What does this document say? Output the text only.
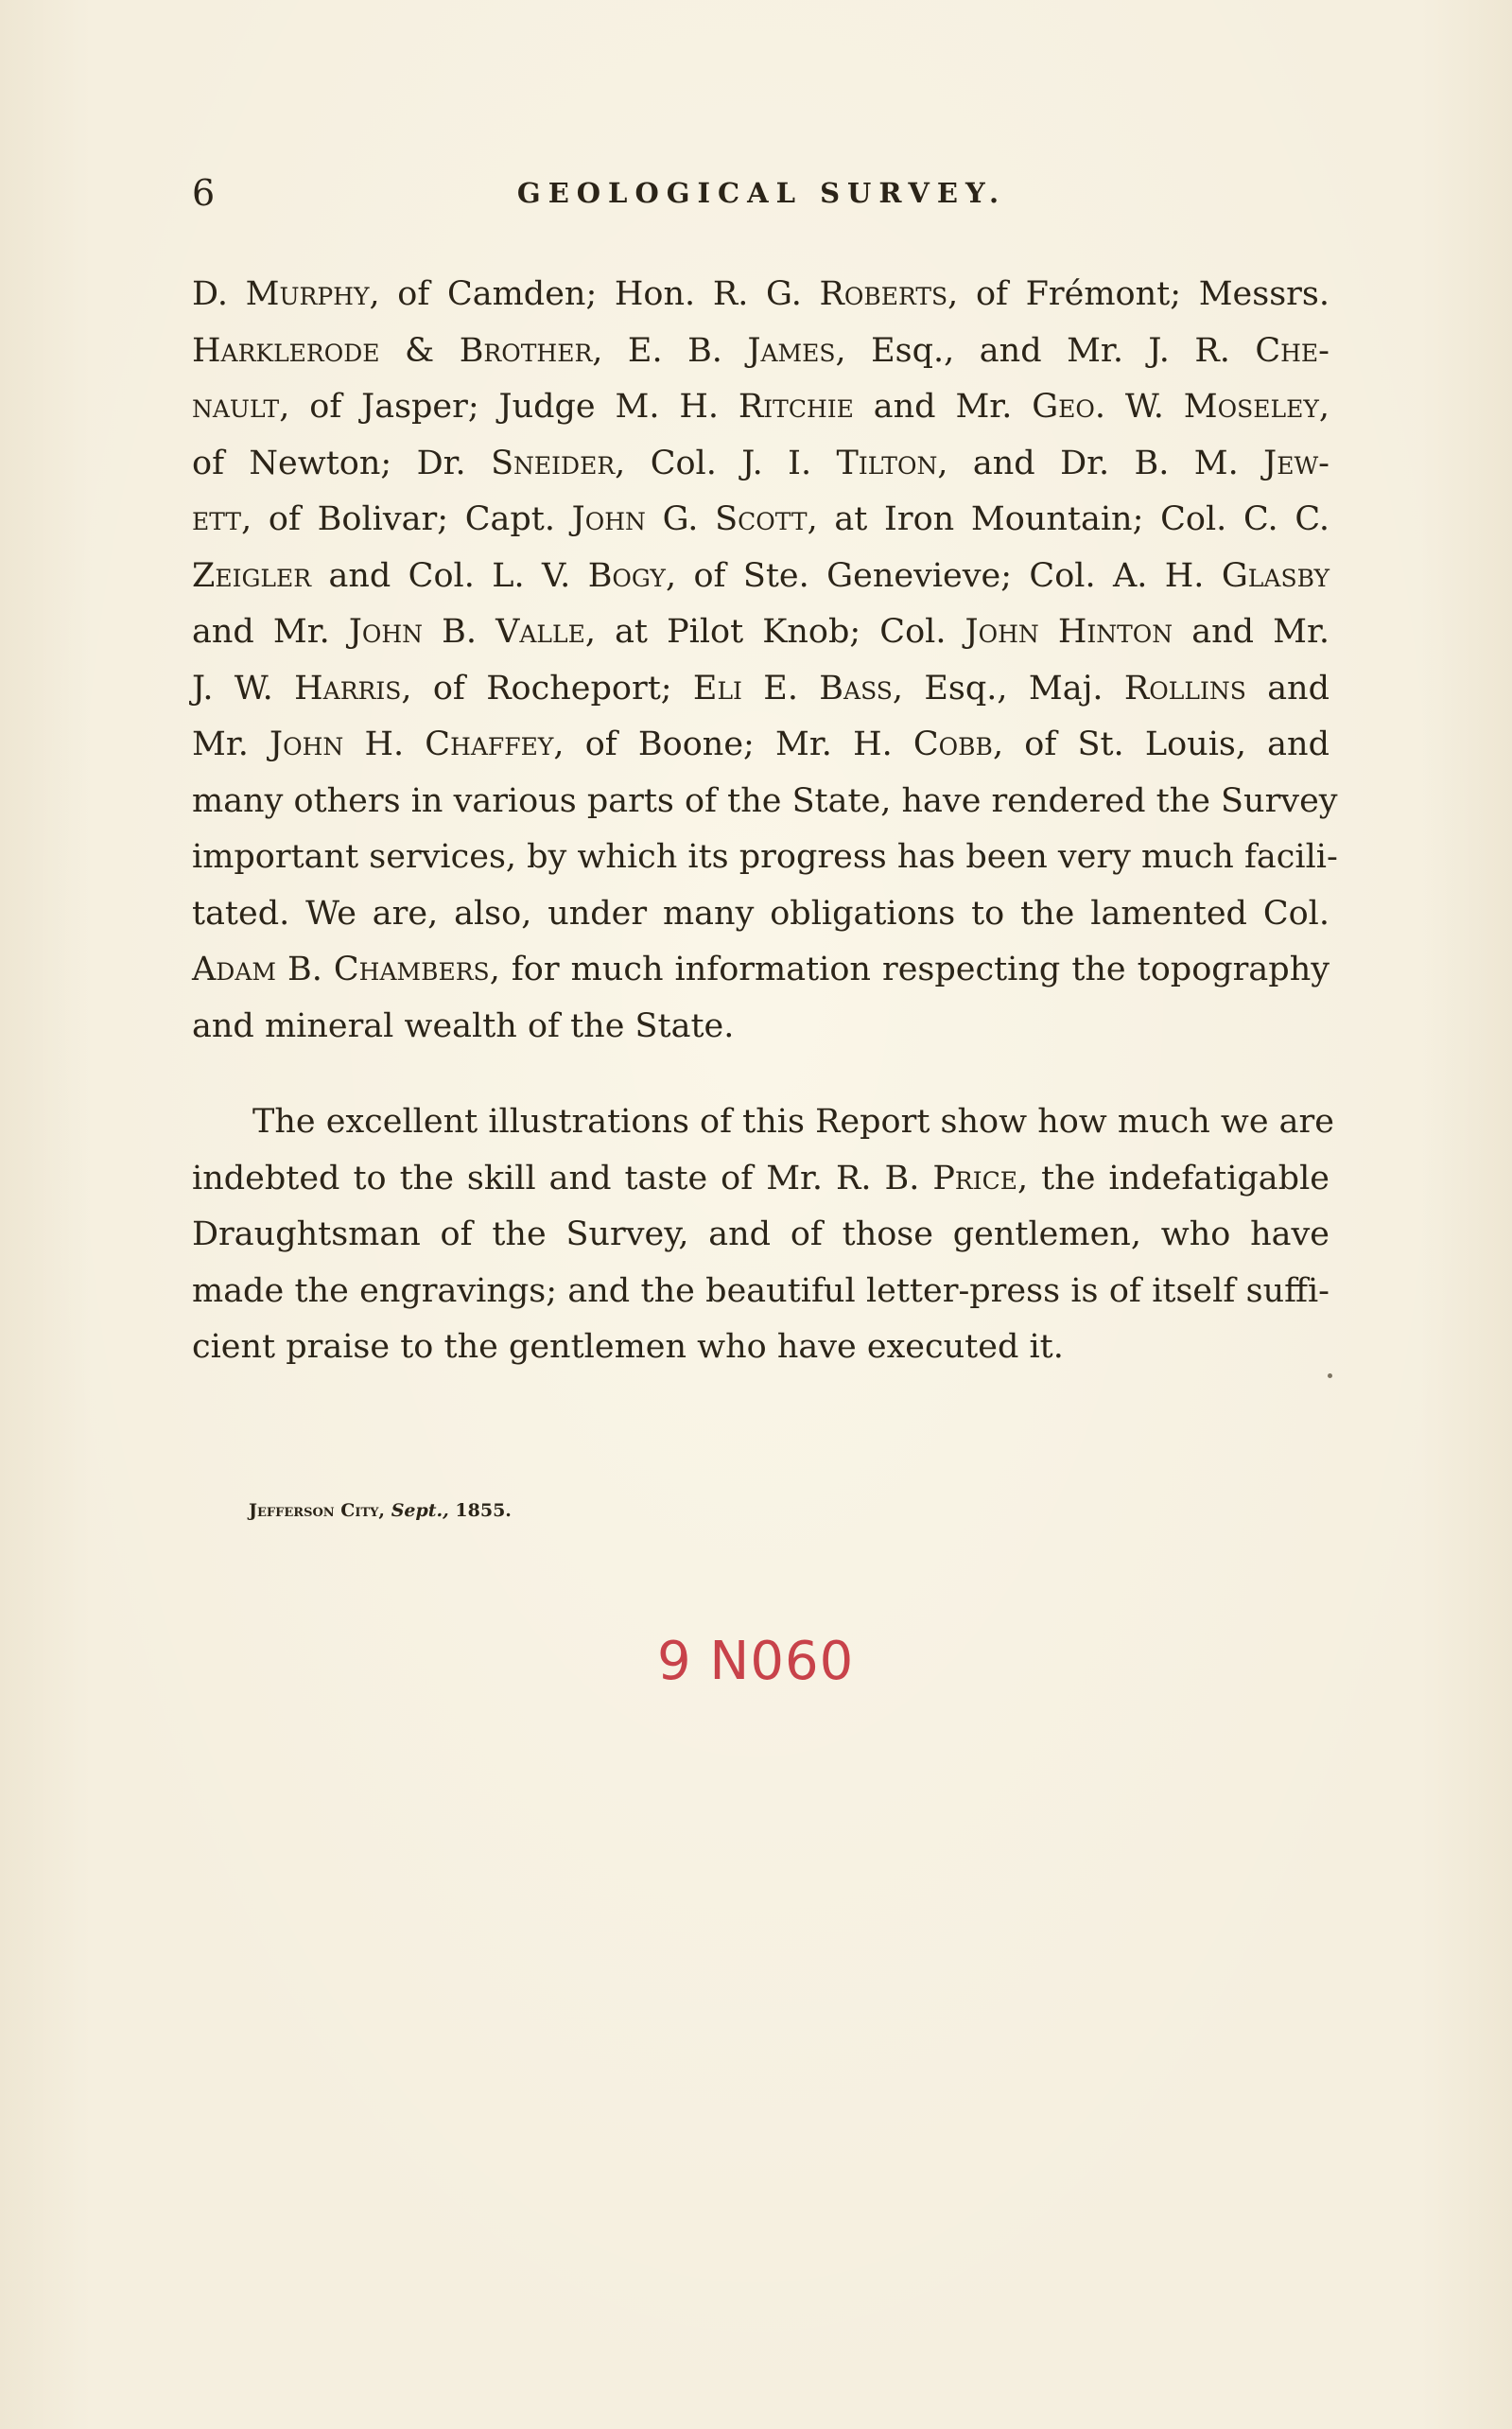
6	GEOLOGICAL SURVEY.
D. Murphy, of Camden; Hon. R. G. Roberts, of Frémont; Messrs.
Harklerode & Brother, E. B. James, Esq., and Mr. J. R. Che-
nault, of Jasper; Judge M. H. Ritchie and Mr. Geo. W. Moseley,
of Newton; Dr. Sneider, Col. J. I. Tilton, and Dr. B. M. Jew-
ett, of Bolivar; Capt. John G. Scott, at Iron Mountain; Col. C. C.
Zeigler and Col. L. V. Bogy, of Ste. Genevieve; Col. A. H. Glasby
and Mr. John B. Valle, at Pilot Knob; Col. John Hinton and Mr.
J. W. Harris, of Rocheport; Eli E. Bass, Esq., Maj. Rollins and
Mr. John H. Chaffey, of Boone; Mr. H. Cobb, of St. Louis, and
many others in various parts of the State, have rendered the Survey
important services, by which its progress has been very much facili-
tated. We are, also, under many obligations to the lamented Col.
Adam B. Chambers, for much information respecting the topography
and mineral wealth of the State.
The excellent illustrations of this Report show how much we are
indebted to the skill and taste of Mr. R. B. Price, the indefatigable
Draughtsman of the Survey, and of those gentlemen, who have
made the engravings; and the beautiful letter-press is of itself suffi-
cient praise to the gentlemen who have executed it.
Jefferson City, Sept., 1855.
9 N060
